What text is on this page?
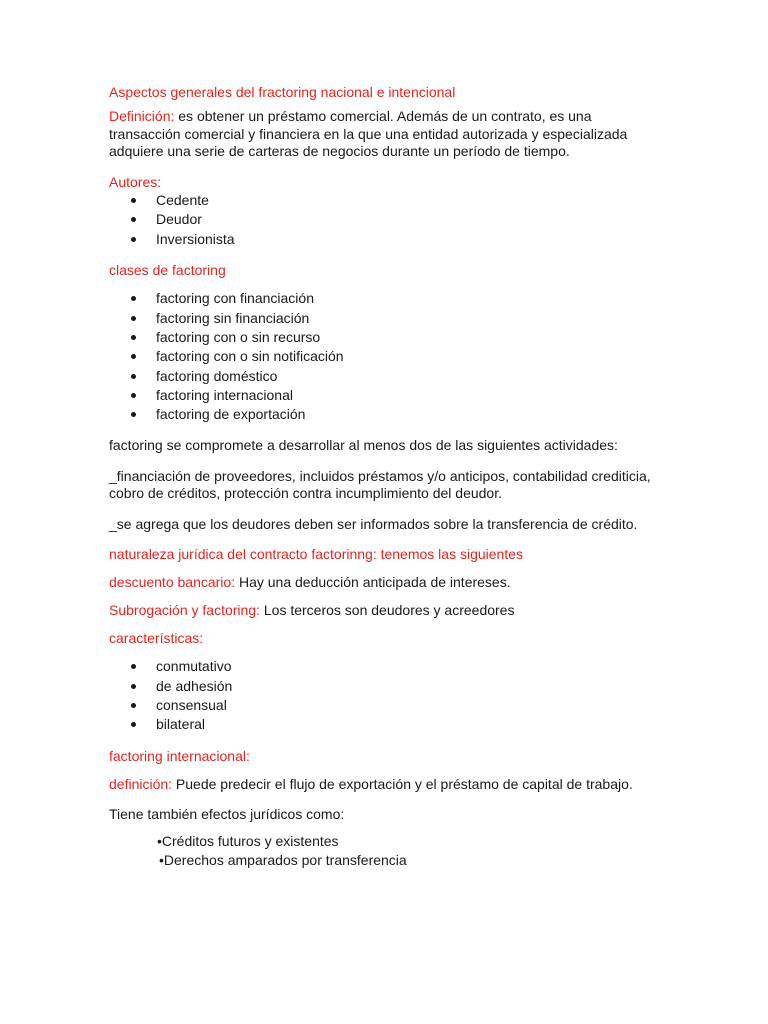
Aspectos generales del fractoring nacional e intencional

Definición: es obtener un préstamo comercial. Además de un contrato, es una transacción comercial y financiera en la que una entidad autorizada y especializada adquiere una serie de carteras de negocios durante un período de tiempo.

Autores:
Cedente
Deudor
Inversionista
clases de factoring
factoring con financiación
factoring sin financiación
factoring con o sin recurso
factoring con o sin notificación
factoring doméstico
factoring internacional
factoring de exportación

factoring se compromete a desarrollar al menos dos de las siguientes actividades:

_financiación de proveedores, incluidos préstamos y/o anticipos, contabilidad crediticia, cobro de créditos, protección contra incumplimiento del deudor.

_se agrega que los deudores deben ser informados sobre la transferencia de crédito.

naturaleza jurídica del contracto factorinng: tenemos las siguientes

descuento bancario: Hay una deducción anticipada de intereses.

Subrogación y factoring: Los terceros son deudores y acreedores

características:
conmutativo
de adhesión
consensual
bilateral

factoring internacional:

definición: Puede predecir el flujo de exportación y el préstamo de capital de trabajo.

Tiene también efectos jurídicos como:

•Créditos futuros y existentes
•Derechos amparados por transferencia
